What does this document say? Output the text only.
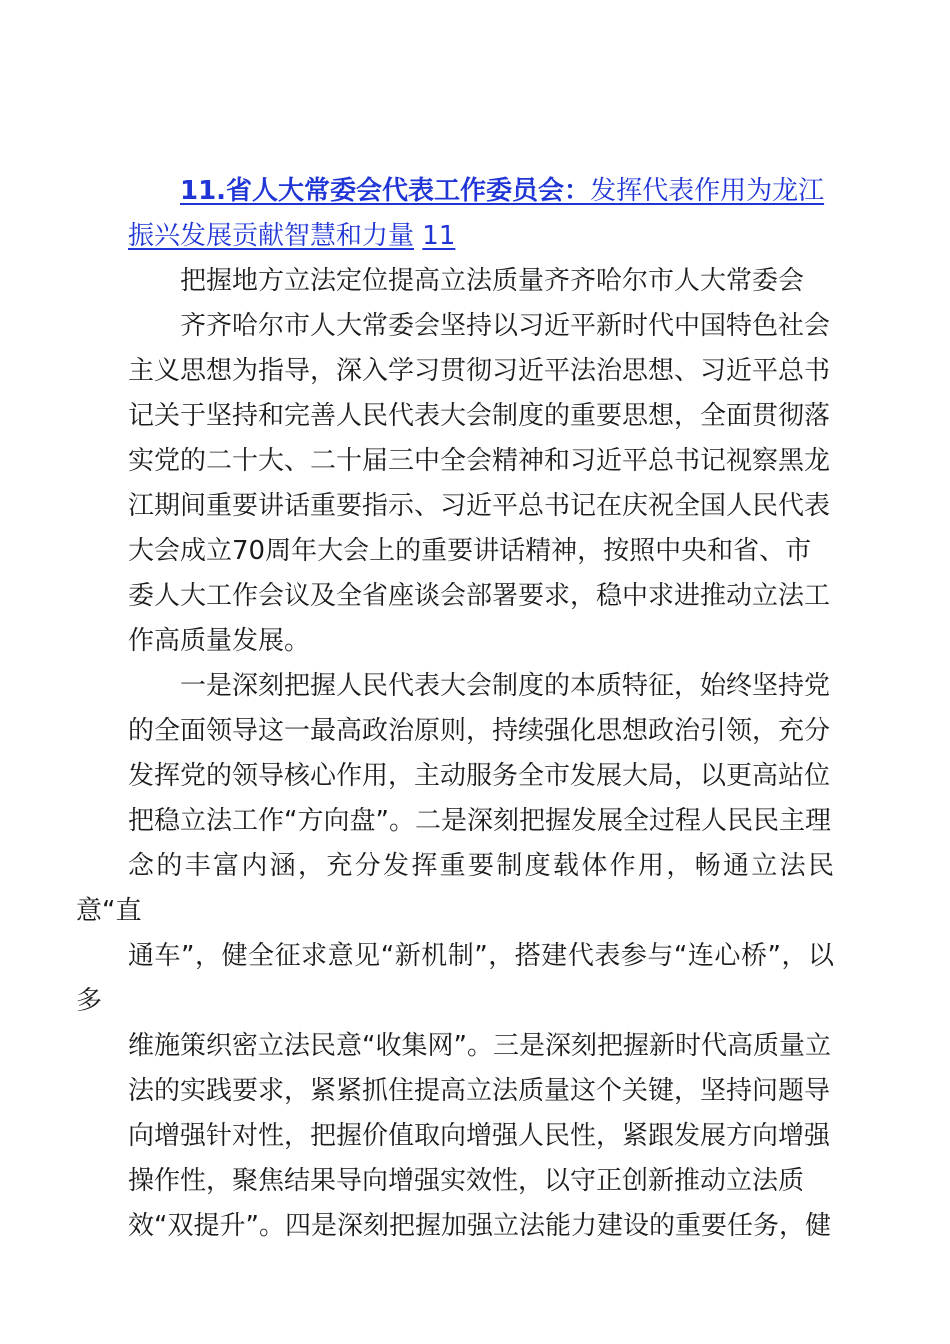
11.省人大常委会代表工作委员会：发挥代表作用为龙江
振兴发展贡献智慧和力量 11

把握地方立法定位提高立法质量齐齐哈尔市人大常委会

齐齐哈尔市人大常委会坚持以习近平新时代中国特色社会
主义思想为指导，深入学习贯彻习近平法治思想、习近平总书
记关于坚持和完善人民代表大会制度的重要思想，全面贯彻落
实党的二十大、二十届三中全会精神和习近平总书记视察黑龙
江期间重要讲话重要指示、习近平总书记在庆祝全国人民代表
大会成立70周年大会上的重要讲话精神，按照中央和省、市
委人大工作会议及全省座谈会部署要求，稳中求进推动立法工
作高质量发展。

一是深刻把握人民代表大会制度的本质特征，始终坚持党
的全面领导这一最高政治原则，持续强化思想政治引领，充分
发挥党的领导核心作用，主动服务全市发展大局，以更高站位
把稳立法工作“方向盘”。二是深刻把握发展全过程人民民主理
念的丰富内涵，充分发挥重要制度载体作用，畅通立法民意“直
通车”，健全征求意见“新机制”，搭建代表参与“连心桥”，以多
维施策织密立法民意“收集网”。三是深刻把握新时代高质量立
法的实践要求，紧紧抓住提高立法质量这个关键，坚持问题导
向增强针对性，把握价值取向增强人民性，紧跟发展方向增强
操作性，聚焦结果导向增强实效性，以守正创新推动立法质
效“双提升”。四是深刻把握加强立法能力建设的重要任务，健
